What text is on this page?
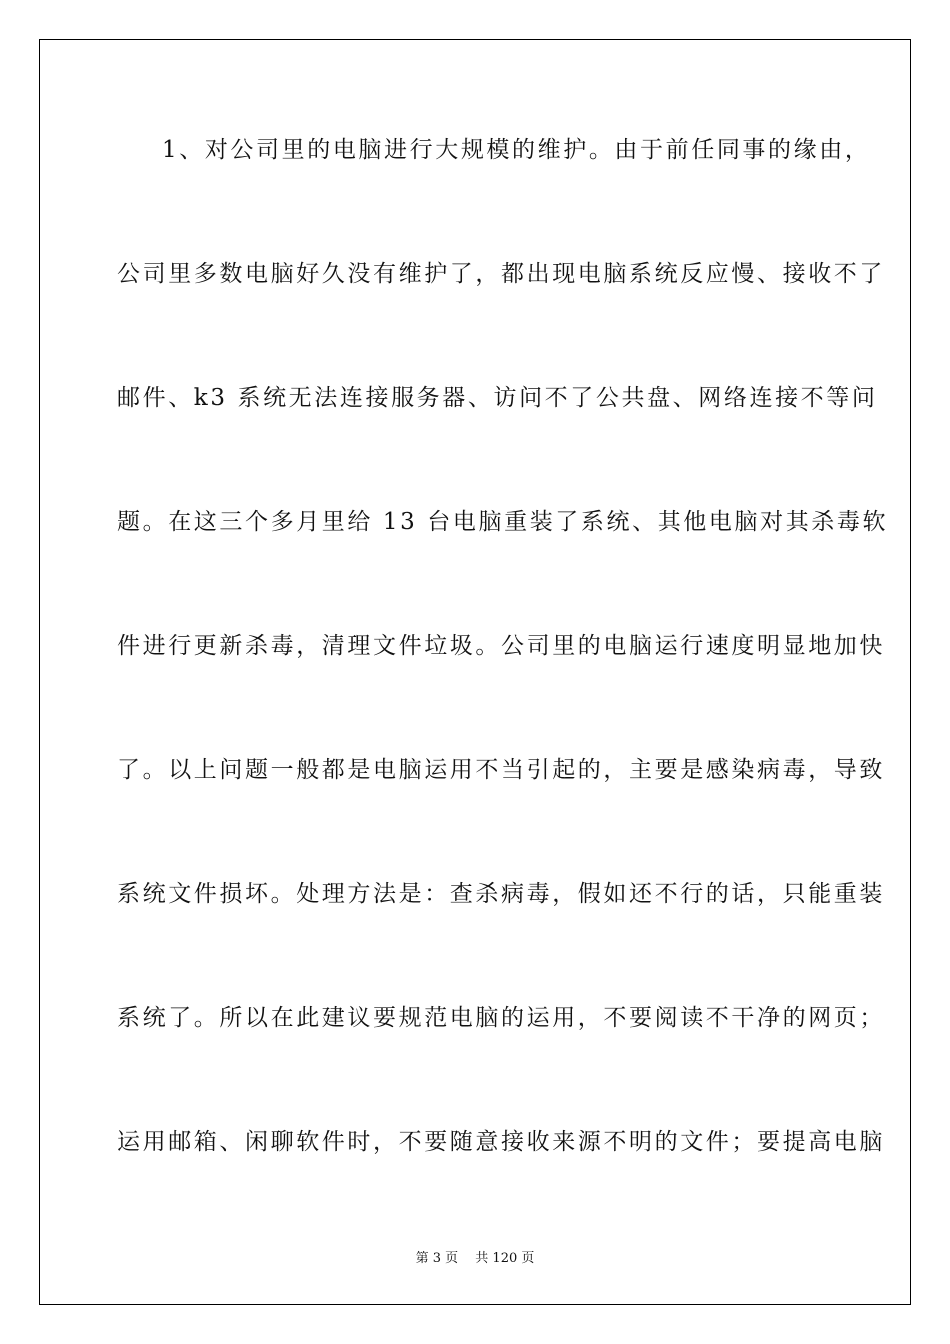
1、对公司里的电脑进行大规模的维护。由于前任同事的缘由，
公司里多数电脑好久没有维护了，都出现电脑系统反应慢、接收不了
邮件、k3 系统无法连接服务器、访问不了公共盘、网络连接不等问
题。在这三个多月里给 13 台电脑重装了系统、其他电脑对其杀毒软
件进行更新杀毒，清理文件垃圾。公司里的电脑运行速度明显地加快
了。以上问题一般都是电脑运用不当引起的，主要是感染病毒，导致
系统文件损坏。处理方法是：查杀病毒，假如还不行的话，只能重装
系统了。所以在此建议要规范电脑的运用，不要阅读不干净的网页；
运用邮箱、闲聊软件时，不要随意接收来源不明的文件；要提高电脑
第 3 页　 共 120 页
